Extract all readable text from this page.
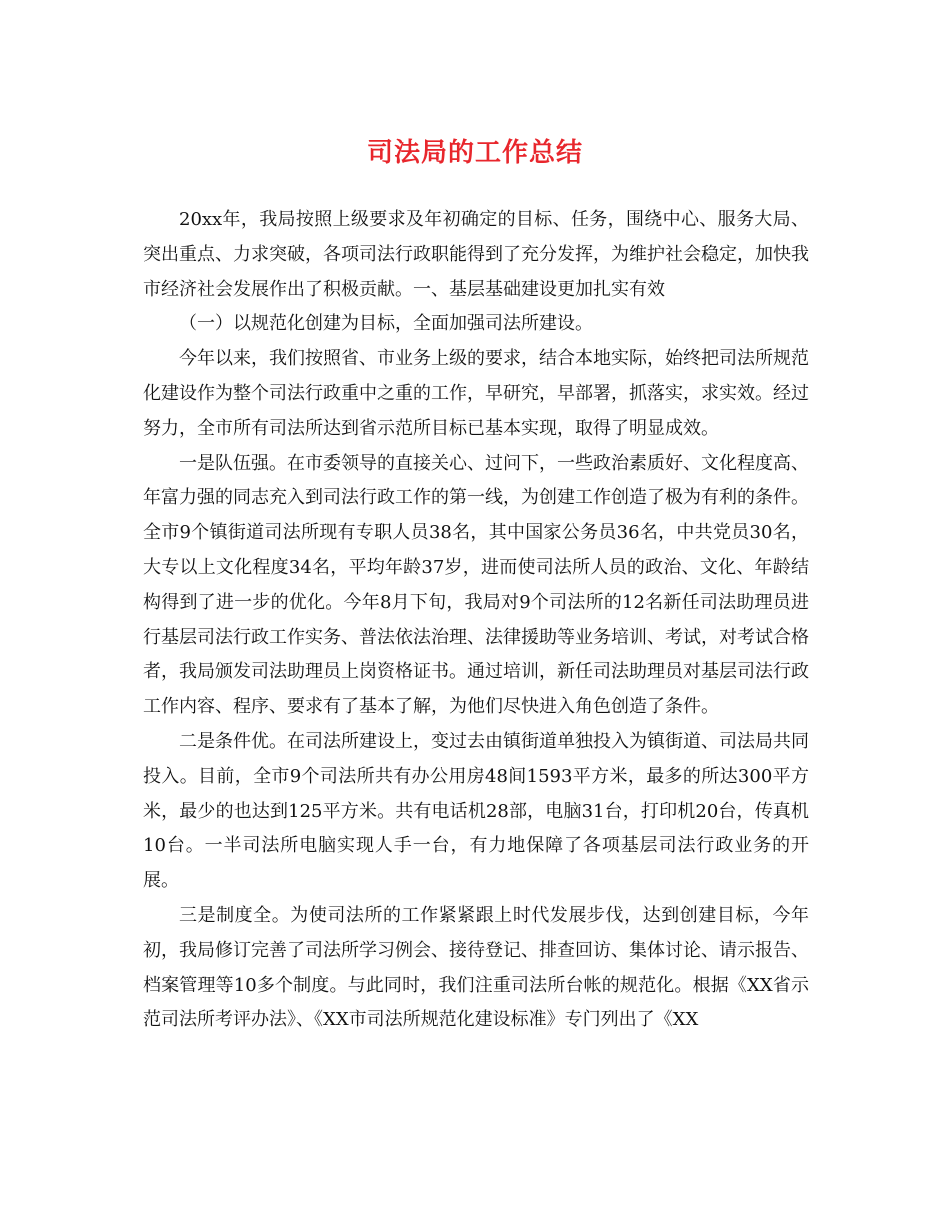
司法局的工作总结

20xx年，我局按照上级要求及年初确定的目标、任务，围绕中心、服务大局、突出重点、力求突破，各项司法行政职能得到了充分发挥，为维护社会稳定，加快我市经济社会发展作出了积极贡献。一、基层基础建设更加扎实有效

（一）以规范化创建为目标，全面加强司法所建设。

今年以来，我们按照省、市业务上级的要求，结合本地实际，始终把司法所规范化建设作为整个司法行政重中之重的工作，早研究，早部署，抓落实，求实效。经过努力，全市所有司法所达到省示范所目标已基本实现，取得了明显成效。

一是队伍强。在市委领导的直接关心、过问下，一些政治素质好、文化程度高、年富力强的同志充入到司法行政工作的第一线，为创建工作创造了极为有利的条件。全市9个镇街道司法所现有专职人员38名，其中国家公务员36名，中共党员30名，大专以上文化程度34名，平均年龄37岁，进而使司法所人员的政治、文化、年龄结构得到了进一步的优化。今年8月下旬，我局对9个司法所的12名新任司法助理员进行基层司法行政工作实务、普法依法治理、法律援助等业务培训、考试，对考试合格者，我局颁发司法助理员上岗资格证书。通过培训，新任司法助理员对基层司法行政工作内容、程序、要求有了基本了解，为他们尽快进入角色创造了条件。

二是条件优。在司法所建设上，变过去由镇街道单独投入为镇街道、司法局共同投入。目前，全市9个司法所共有办公用房48间1593平方米，最多的所达300平方米，最少的也达到125平方米。共有电话机28部，电脑31台，打印机20台，传真机10台。一半司法所电脑实现人手一台，有力地保障了各项基层司法行政业务的开展。

三是制度全。为使司法所的工作紧紧跟上时代发展步伐，达到创建目标，今年初，我局修订完善了司法所学习例会、接待登记、排查回访、集体讨论、请示报告、档案管理等10多个制度。与此同时，我们注重司法所台帐的规范化。根据《XX省示范司法所考评办法》、《XX市司法所规范化建设标准》专门列出了《XX
